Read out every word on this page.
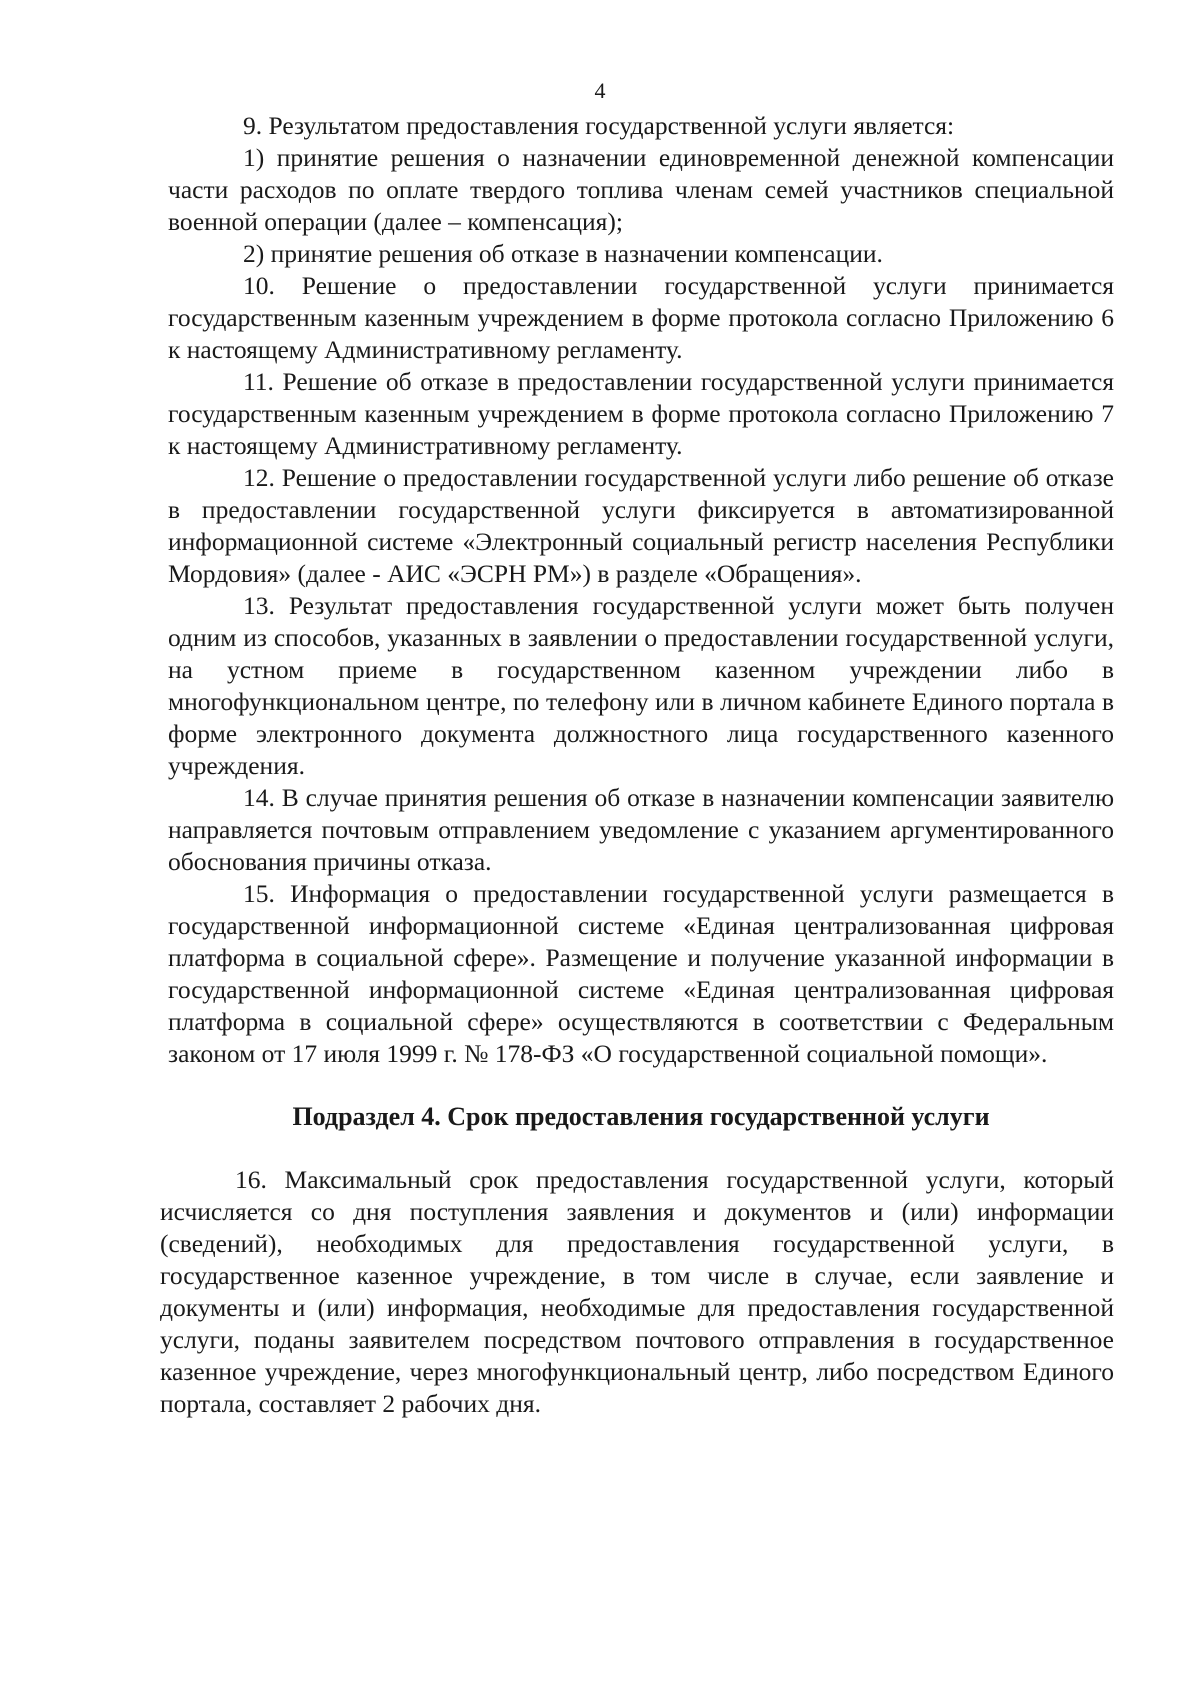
4

9. Результатом предоставления государственной услуги является:

1) принятие решения о назначении единовременной денежной компенсации части расходов по оплате твердого топлива членам семей участников специальной военной операции (далее – компенсация);

2) принятие решения об отказе в назначении компенсации.

10. Решение о предоставлении государственной услуги принимается государственным казенным учреждением в форме протокола согласно Приложению 6 к настоящему Административному регламенту.

11. Решение об отказе в предоставлении государственной услуги принимается государственным казенным учреждением в форме протокола согласно Приложению 7 к настоящему Административному регламенту.

12. Решение о предоставлении государственной услуги либо решение об отказе в предоставлении государственной услуги фиксируется в автоматизированной информационной системе «Электронный социальный регистр населения Республики Мордовия» (далее - АИС «ЭСРН РМ») в разделе «Обращения».

13. Результат предоставления государственной услуги может быть получен одним из способов, указанных в заявлении о предоставлении государственной услуги, на устном приеме в государственном казенном учреждении либо в многофункциональном центре, по телефону или в личном кабинете Единого портала в форме электронного документа должностного лица государственного казенного учреждения.

14. В случае принятия решения об отказе в назначении компенсации заявителю направляется почтовым отправлением уведомление с указанием аргументированного обоснования причины отказа.

15. Информация о предоставлении государственной услуги размещается в государственной информационной системе «Единая централизованная цифровая платформа в социальной сфере». Размещение и получение указанной информации в государственной информационной системе «Единая централизованная цифровая платформа в социальной сфере» осуществляются в соответствии с Федеральным законом от 17 июля 1999 г. № 178-ФЗ «О государственной социальной помощи».

Подраздел 4. Срок предоставления государственной услуги

16. Максимальный срок предоставления государственной услуги, который исчисляется со дня поступления заявления и документов и (или) информации (сведений), необходимых для предоставления государственной услуги, в государственное казенное учреждение, в том числе в случае, если заявление и документы и (или) информация, необходимые для предоставления государственной услуги, поданы заявителем посредством почтового отправления в государственное казенное учреждение, через многофункциональный центр, либо посредством Единого портала, составляет 2 рабочих дня.
